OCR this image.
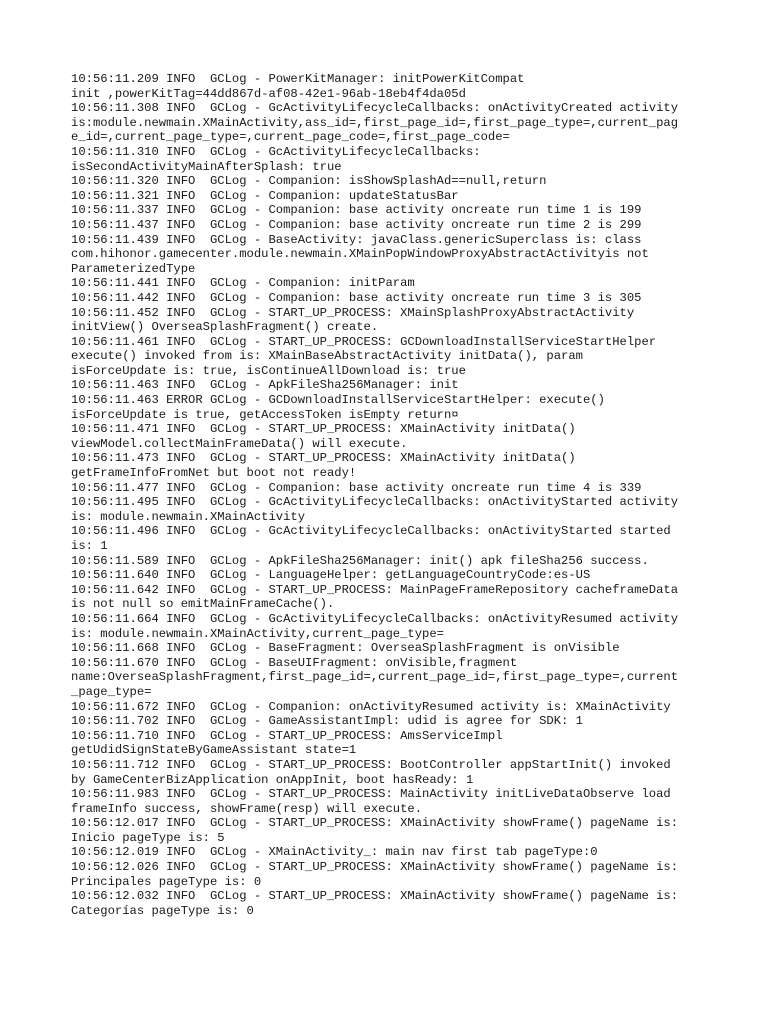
10:56:11.209 INFO  GCLog - PowerKitManager: initPowerKitCompat
init ,powerKitTag=44dd867d-af08-42e1-96ab-18eb4f4da05d
10:56:11.308 INFO  GCLog - GcActivityLifecycleCallbacks: onActivityCreated activity
is:module.newmain.XMainActivity,ass_id=,first_page_id=,first_page_type=,current_pag
e_id=,current_page_type=,current_page_code=,first_page_code=
10:56:11.310 INFO  GCLog - GcActivityLifecycleCallbacks:
isSecondActivityMainAfterSplash: true
10:56:11.320 INFO  GCLog - Companion: isShowSplashAd==null,return
10:56:11.321 INFO  GCLog - Companion: updateStatusBar
10:56:11.337 INFO  GCLog - Companion: base activity oncreate run time 1 is 199
10:56:11.437 INFO  GCLog - Companion: base activity oncreate run time 2 is 299
10:56:11.439 INFO  GCLog - BaseActivity: javaClass.genericSuperclass is: class
com.hihonor.gamecenter.module.newmain.XMainPopWindowProxyAbstractActivityis not
ParameterizedType
10:56:11.441 INFO  GCLog - Companion: initParam
10:56:11.442 INFO  GCLog - Companion: base activity oncreate run time 3 is 305
10:56:11.452 INFO  GCLog - START_UP_PROCESS: XMainSplashProxyAbstractActivity
initView() OverseaSplashFragment() create.
10:56:11.461 INFO  GCLog - START_UP_PROCESS: GCDownloadInstallServiceStartHelper
execute() invoked from is: XMainBaseAbstractActivity initData(), param
isForceUpdate is: true, isContinueAllDownload is: true
10:56:11.463 INFO  GCLog - ApkFileSha256Manager: init
10:56:11.463 ERROR GCLog - GCDownloadInstallServiceStartHelper: execute()
isForceUpdate is true, getAccessToken isEmpty return¤
10:56:11.471 INFO  GCLog - START_UP_PROCESS: XMainActivity initData()
viewModel.collectMainFrameData() will execute.
10:56:11.473 INFO  GCLog - START_UP_PROCESS: XMainActivity initData()
getFrameInfoFromNet but boot not ready!
10:56:11.477 INFO  GCLog - Companion: base activity oncreate run time 4 is 339
10:56:11.495 INFO  GCLog - GcActivityLifecycleCallbacks: onActivityStarted activity
is: module.newmain.XMainActivity
10:56:11.496 INFO  GCLog - GcActivityLifecycleCallbacks: onActivityStarted started
is: 1
10:56:11.589 INFO  GCLog - ApkFileSha256Manager: init() apk fileSha256 success.
10:56:11.640 INFO  GCLog - LanguageHelper: getLanguageCountryCode:es-US
10:56:11.642 INFO  GCLog - START_UP_PROCESS: MainPageFrameRepository cacheframeData
is not null so emitMainFrameCache().
10:56:11.664 INFO  GCLog - GcActivityLifecycleCallbacks: onActivityResumed activity
is: module.newmain.XMainActivity,current_page_type=
10:56:11.668 INFO  GCLog - BaseFragment: OverseaSplashFragment is onVisible
10:56:11.670 INFO  GCLog - BaseUIFragment: onVisible,fragment
name:OverseaSplashFragment,first_page_id=,current_page_id=,first_page_type=,current
_page_type=
10:56:11.672 INFO  GCLog - Companion: onActivityResumed activity is: XMainActivity
10:56:11.702 INFO  GCLog - GameAssistantImpl: udid is agree for SDK: 1
10:56:11.710 INFO  GCLog - START_UP_PROCESS: AmsServiceImpl
getUdidSignStateByGameAssistant state=1
10:56:11.712 INFO  GCLog - START_UP_PROCESS: BootController appStartInit() invoked
by GameCenterBizApplication onAppInit, boot hasReady: 1
10:56:11.983 INFO  GCLog - START_UP_PROCESS: MainActivity initLiveDataObserve load
frameInfo success, showFrame(resp) will execute.
10:56:12.017 INFO  GCLog - START_UP_PROCESS: XMainActivity showFrame() pageName is:
Inicio pageType is: 5
10:56:12.019 INFO  GCLog - XMainActivity_: main nav first tab pageType:0
10:56:12.026 INFO  GCLog - START_UP_PROCESS: XMainActivity showFrame() pageName is:
Principales pageType is: 0
10:56:12.032 INFO  GCLog - START_UP_PROCESS: XMainActivity showFrame() pageName is:
Categorías pageType is: 0
